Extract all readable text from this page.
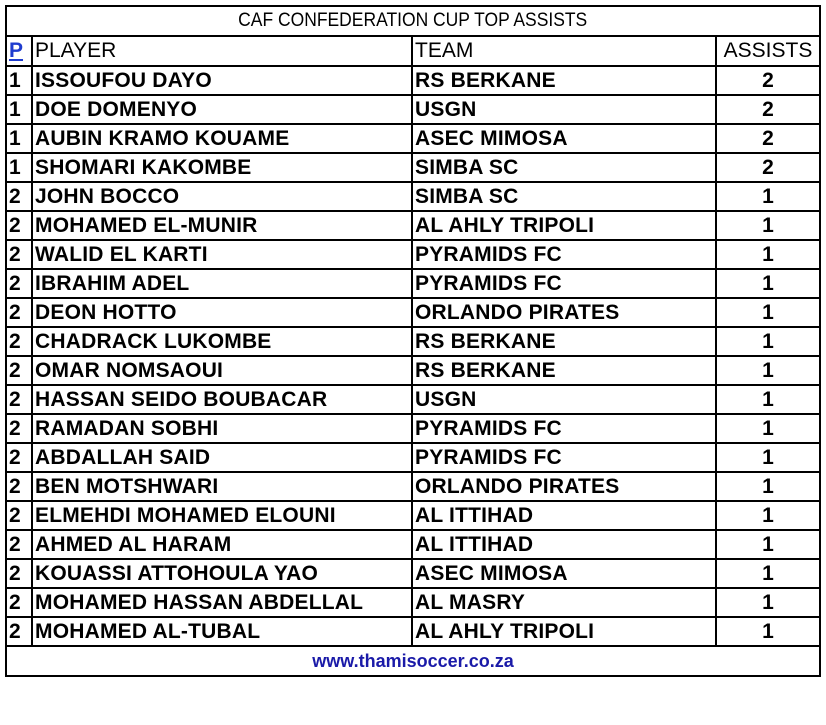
CAF CONFEDERATION CUP TOP ASSISTS			
P	PLAYER	TEAM	ASSISTS
1	ISSOUFOU DAYO	RS BERKANE	2
1	DOE DOMENYO	USGN	2
1	AUBIN KRAMO KOUAME	ASEC MIMOSA	2
1	SHOMARI KAKOMBE	SIMBA SC	2
2	JOHN BOCCO	SIMBA SC	1
2	MOHAMED EL-MUNIR	AL AHLY TRIPOLI	1
2	WALID EL KARTI	PYRAMIDS FC	1
2	IBRAHIM ADEL	PYRAMIDS FC	1
2	DEON HOTTO	ORLANDO PIRATES	1
2	CHADRACK LUKOMBE	RS BERKANE	1
2	OMAR NOMSAOUI	RS BERKANE	1
2	HASSAN SEIDO BOUBACAR	USGN	1
2	RAMADAN SOBHI	PYRAMIDS FC	1
2	ABDALLAH SAID	PYRAMIDS FC	1
2	BEN MOTSHWARI	ORLANDO PIRATES	1
2	ELMEHDI MOHAMED ELOUNI	AL ITTIHAD	1
2	AHMED AL HARAM	AL ITTIHAD	1
2	KOUASSI ATTOHOULA YAO	ASEC MIMOSA	1
2	MOHAMED HASSAN ABDELLAL	AL MASRY	1
2	MOHAMED AL-TUBAL	AL AHLY TRIPOLI	1
www.thamisoccer.co.za			
